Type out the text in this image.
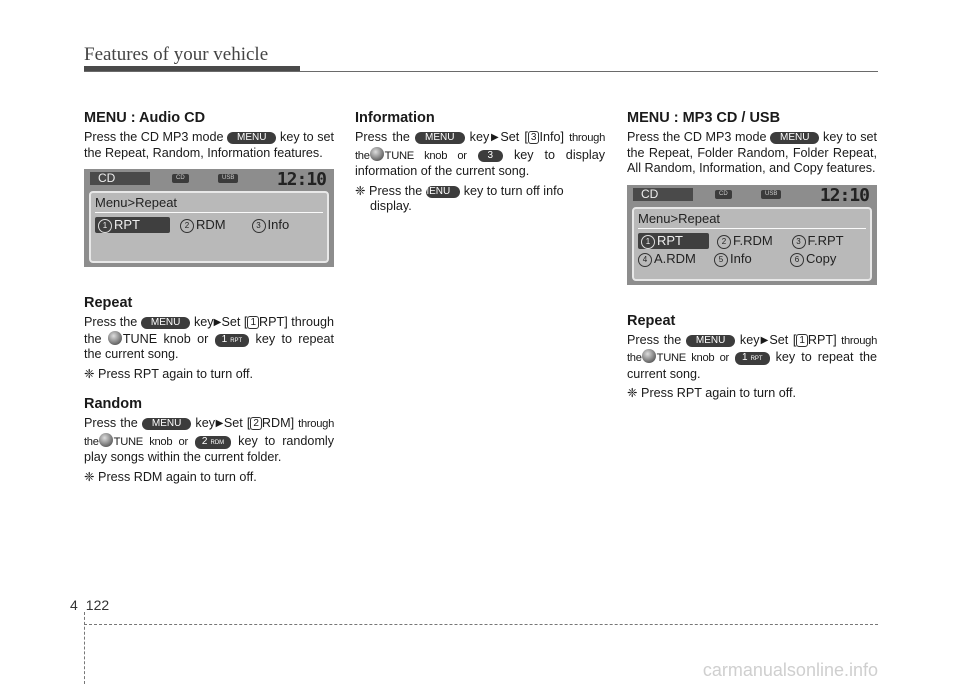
Features of your vehicle
MENU : Audio CD

Press the CD MP3 mode MENU key to set the Repeat, Random, Information features.

CD	CD	USB 12:10
Menu>Repeat
1 RPT	2 RDM	3 Info
Repeat

Press the MENU key▶Set [ 1 RPT] through the TUNE knob or 1 RPT key to repeat the current song.

❈ Press RPT again to turn off.
Random

Press the MENU key▶Set [ 2 RDM] through the TUNE knob or 2 RDM key to randomly play songs within the current folder.

❈ Press RDM again to turn off.
Information

Press the MENU key▶Set [ 3 Info] through the TUNE knob or 3 key to display information of the current song.

❈ Press the MENU key to turn off info display.
MENU : MP3 CD / USB

Press the CD MP3 mode MENU key to set the Repeat, Folder Random, Folder Repeat, All Random, Information, and Copy features.

CD	CD	USB 12:10
Menu>Repeat
1 RPT	2 F.RDM	3 F.RPT
4 A.RDM	5 Info	6 Copy
Repeat

Press the MENU key▶Set [ 1 RPT] through the TUNE knob or 1 RPT key to repeat the current song.

❈ Press RPT again to turn off.
4 122
carmanualsonline.info
